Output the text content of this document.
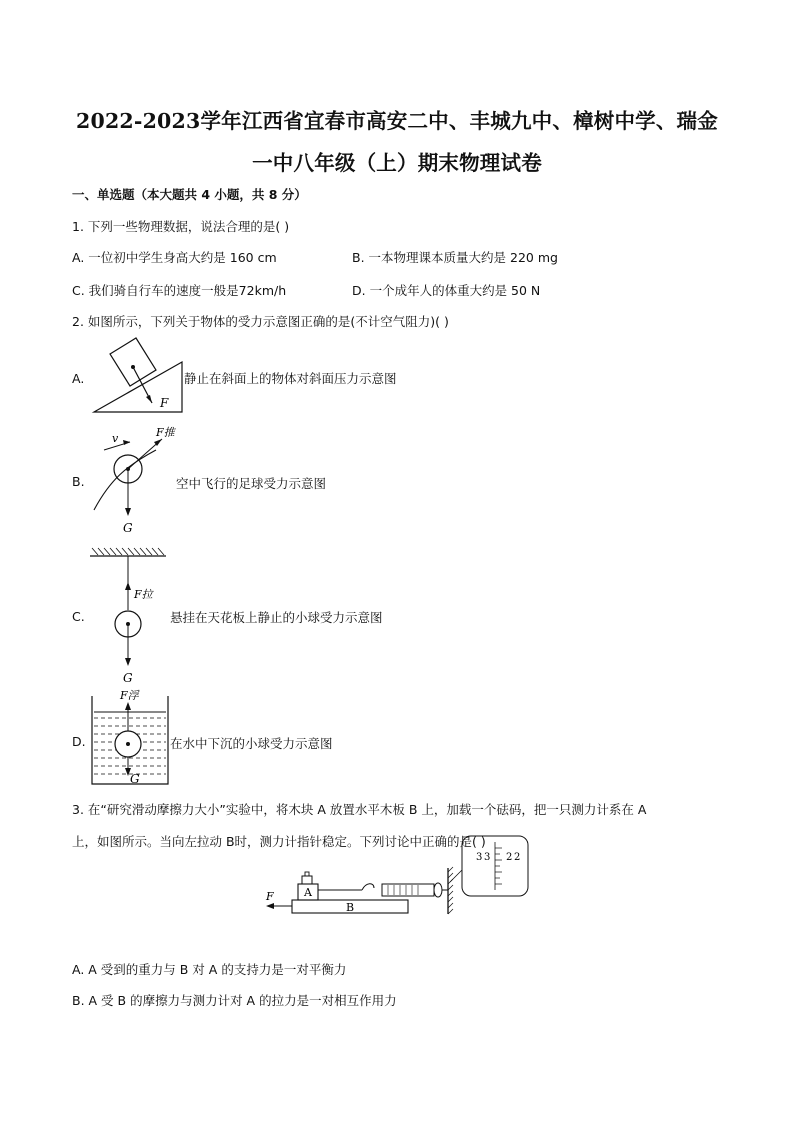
2022-2023学年江西省宜春市高安二中、丰城九中、樟树中学、瑞金
一中八年级（上）期末物理试卷
一、单选题（本大题共 4 小题，共 8 分）
1. 下列一些物理数据，说法合理的是( )
A. 一位初中学生身高大约是 160 cm	B. 一本物理课本质量大约是 220 mg
C. 我们骑自行车的速度一般是72km/h	D. 一个成年人的体重大约是 50 N
2. 如图所示，下列关于物体的受力示意图正确的是(不计空气阻力)( )
A.
F
静止在斜面上的物体对斜面压力示意图
B.
v	F推
G
空中飞行的足球受力示意图
C.
F拉
G
悬挂在天花板上静止的小球受力示意图
D.
F浮
G
在水中下沉的小球受力示意图
3. 在“研究滑动摩擦力大小”实验中，将木块 A 放置水平木板 B 上，加载一个砝码，把一只测力计系在 A
上，如图所示。当向左拉动 B时，测力计指针稳定。下列讨论中正确的是( )
B
A
F
3 3 2 2
A. A 受到的重力与 B 对 A 的支持力是一对平衡力
B. A 受 B 的摩擦力与测力计对 A 的拉力是一对相互作用力
